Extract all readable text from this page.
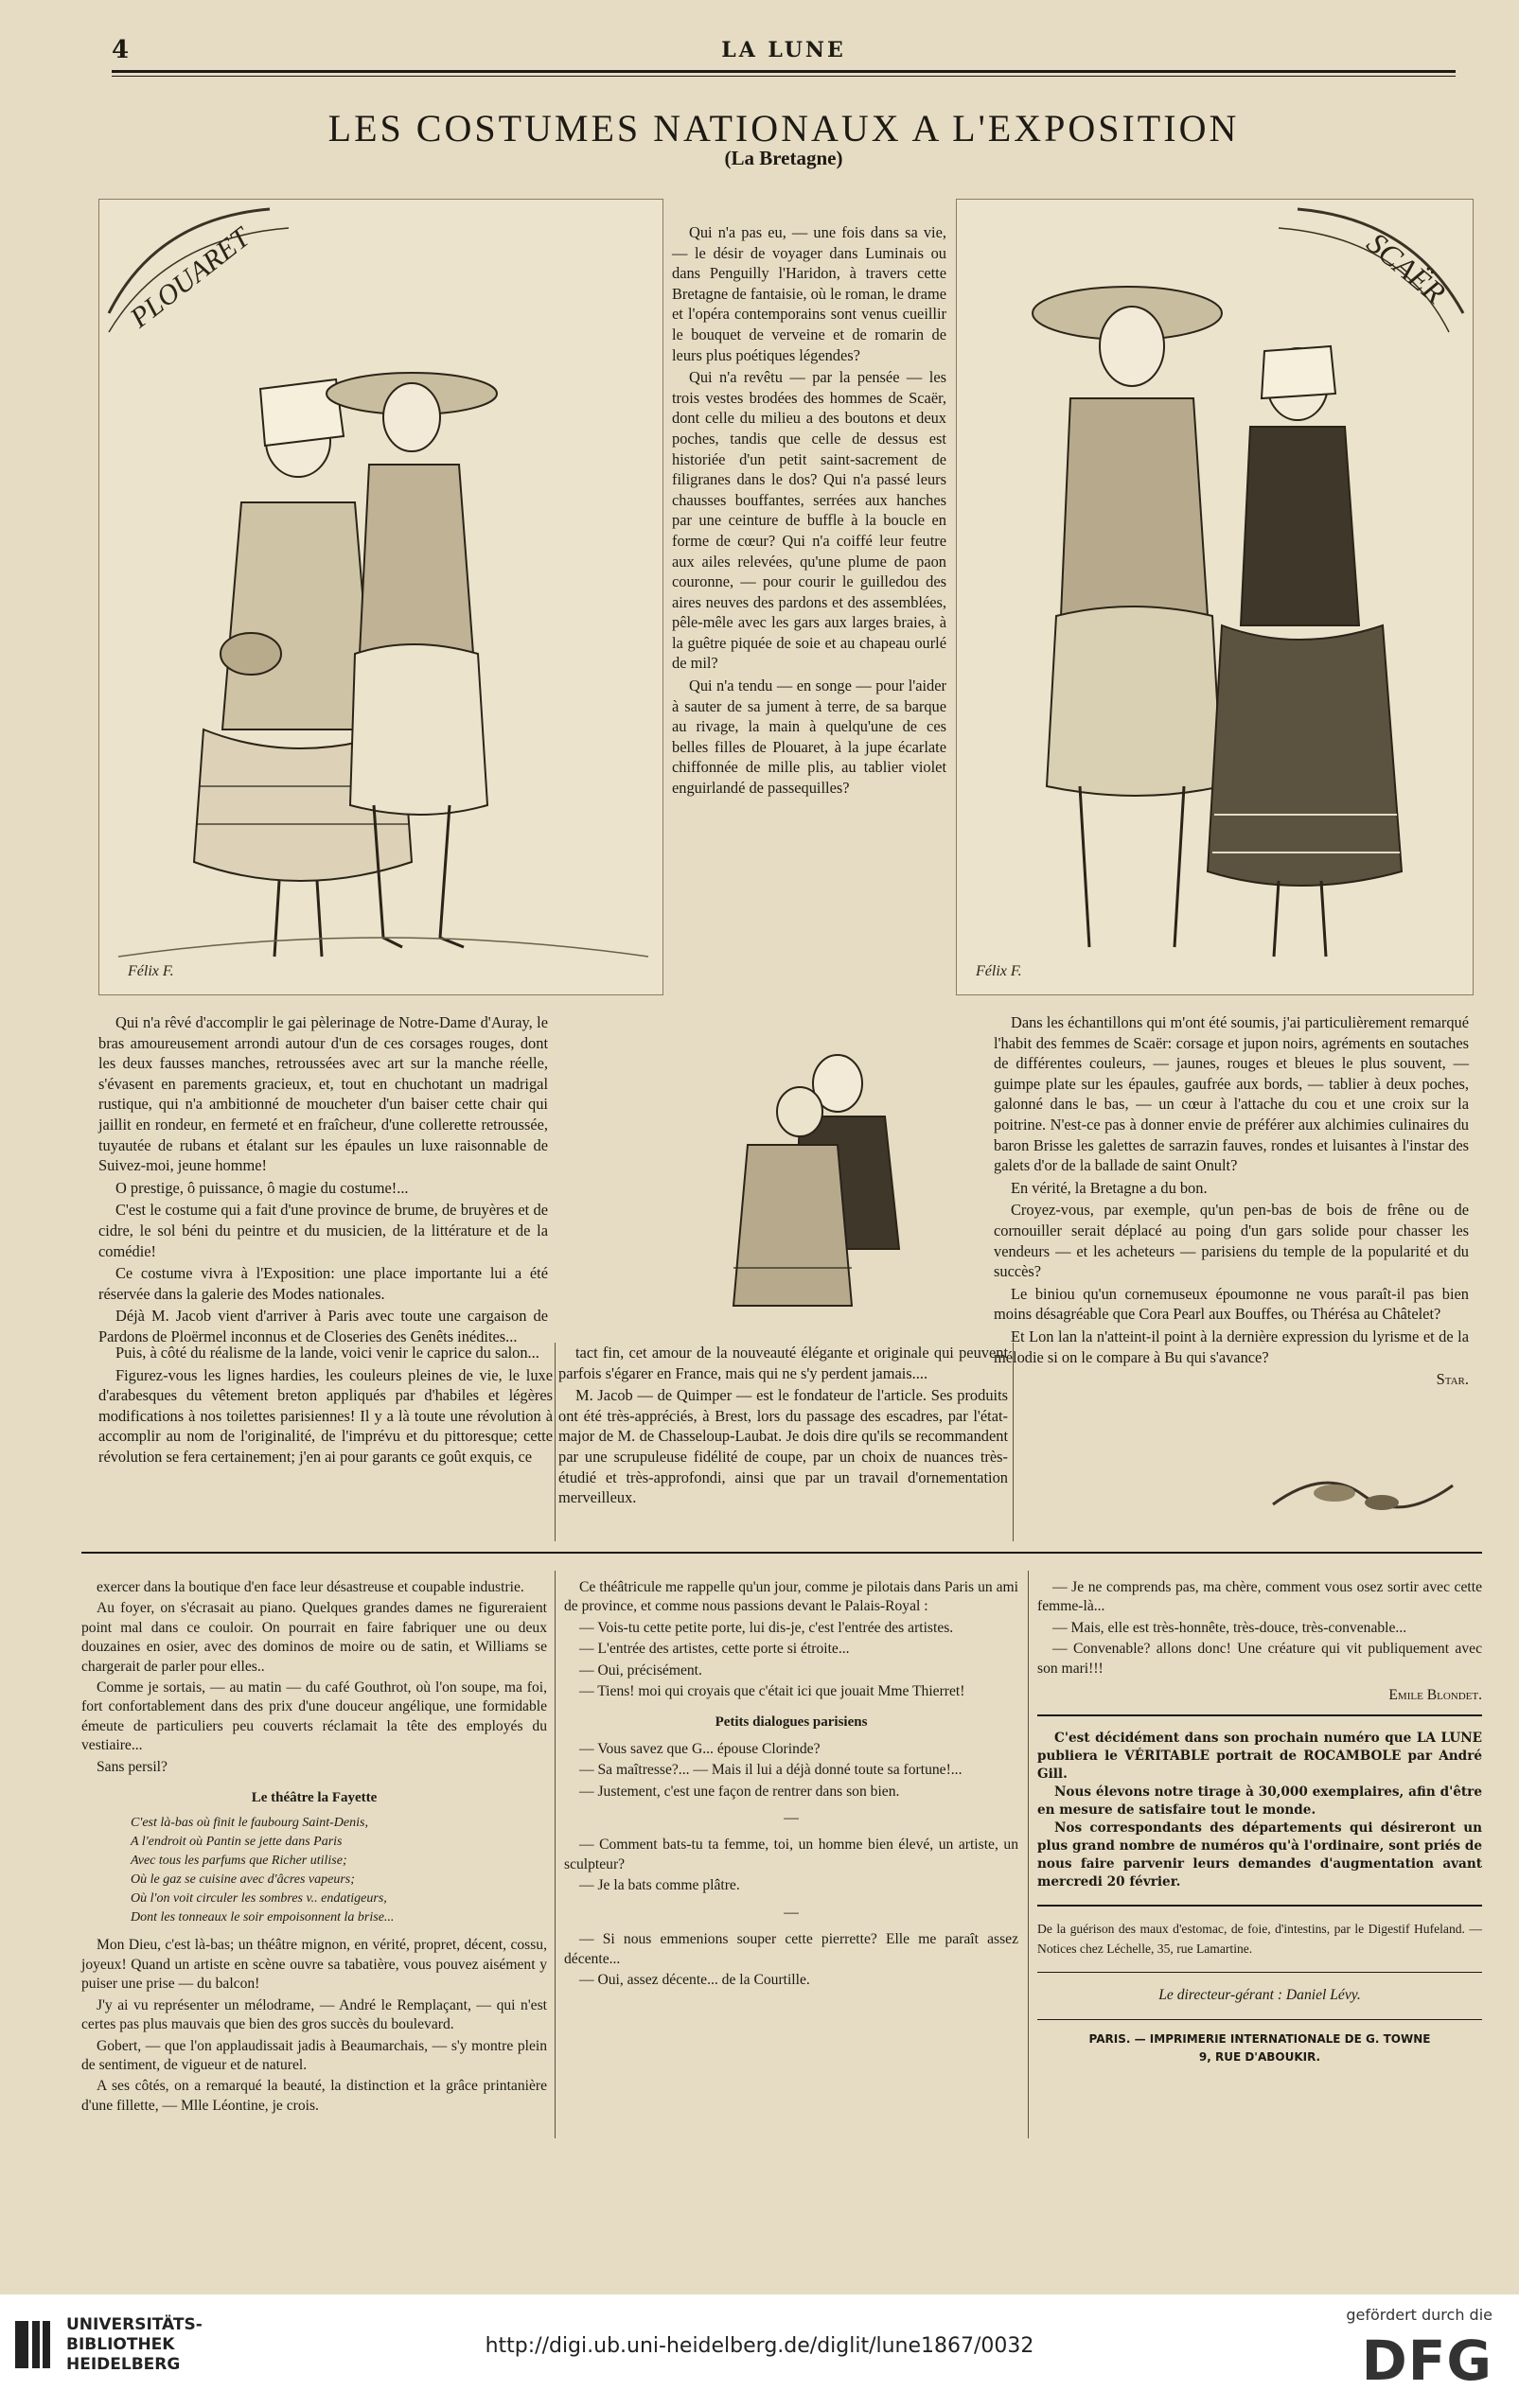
4	LA LUNE
LES COSTUMES NATIONAUX A L'EXPOSITION
(La Bretagne)
PLOUARET
Félix F.
SCAËR
Félix F.

Qui n'a pas eu, — une fois dans sa vie, — le désir de voyager dans Luminais ou dans Penguilly l'Haridon, à travers cette Bretagne de fantaisie, où le roman, le drame et l'opéra contemporains sont venus cueillir le bouquet de verveine et de romarin de leurs plus poétiques légendes?

Qui n'a revêtu — par la pensée — les trois vestes brodées des hommes de Scaër, dont celle du milieu a des boutons et deux poches, tandis que celle de dessus est historiée d'un petit saint-sacrement de filigranes dans le dos? Qui n'a passé leurs chausses bouffantes, serrées aux hanches par une ceinture de buffle à la boucle en forme de cœur? Qui n'a coiffé leur feutre aux ailes relevées, qu'une plume de paon couronne, — pour courir le guilledou des aires neuves des pardons et des assemblées, pêle-mêle avec les gars aux larges braies, à la guêtre piquée de soie et au chapeau ourlé de mil?

Qui n'a tendu — en songe — pour l'aider à sauter de sa jument à terre, de sa barque au rivage, la main à quelqu'une de ces belles filles de Plouaret, à la jupe écarlate chiffonnée de mille plis, au tablier violet enguirlandé de passequilles?

Qui n'a rêvé d'accomplir le gai pèlerinage de Notre-Dame d'Auray, le bras amoureusement arrondi autour d'un de ces corsages rouges, dont les deux fausses manches, retroussées avec art sur la manche réelle, s'évasent en parements gracieux, et, tout en chuchotant un madrigal rustique, qui n'a ambitionné de moucheter d'un baiser cette chair qui jaillit en rondeur, en fermeté et en fraîcheur, d'une collerette retroussée, tuyautée de rubans et étalant sur les épaules un luxe raisonnable de Suivez-moi, jeune homme!

O prestige, ô puissance, ô magie du costume!...

C'est le costume qui a fait d'une province de brume, de bruyères et de cidre, le sol béni du peintre et du musicien, de la littérature et de la comédie!

Ce costume vivra à l'Exposition: une place importante lui a été réservée dans la galerie des Modes nationales.

Déjà M. Jacob vient d'arriver à Paris avec toute une cargaison de Pardons de Ploërmel inconnus et de Closeries des Genêts inédites...

Puis, à côté du réalisme de la lande, voici venir le caprice du salon...

Figurez-vous les lignes hardies, les couleurs pleines de vie, le luxe d'arabesques du vêtement breton appliqués par d'habiles et légères modifications à nos toilettes parisiennes! Il y a là toute une révolution à accomplir au nom de l'originalité, de l'imprévu et du pittoresque; cette révolution se fera certainement; j'en ai pour garants ce goût exquis, ce

tact fin, cet amour de la nouveauté élégante et originale qui peuvent parfois s'égarer en France, mais qui ne s'y perdent jamais....

M. Jacob — de Quimper — est le fondateur de l'article. Ses produits ont été très-appréciés, à Brest, lors du passage des escadres, par l'état-major de M. de Chasseloup-Laubat. Je dois dire qu'ils se recommandent par une scrupuleuse fidélité de coupe, par un choix de nuances très-étudié et très-approfondi, ainsi que par un travail d'ornementation merveilleux.

Dans les échantillons qui m'ont été soumis, j'ai particulièrement remarqué l'habit des femmes de Scaër: corsage et jupon noirs, agréments en soutaches de différentes couleurs, — jaunes, rouges et bleues le plus souvent, — guimpe plate sur les épaules, gaufrée aux bords, — tablier à deux poches, galonné dans le bas, — un cœur à l'attache du cou et une croix sur la poitrine. N'est-ce pas à donner envie de préférer aux alchimies culinaires du baron Brisse les galettes de sarrazin fauves, rondes et luisantes à l'instar des galets d'or de la ballade de saint Onult?

En vérité, la Bretagne a du bon.

Croyez-vous, par exemple, qu'un pen-bas de bois de frêne ou de cornouiller serait déplacé au poing d'un gars solide pour chasser les vendeurs — et les acheteurs — parisiens du temple de la popularité et du succès?

Le biniou qu'un cornemuseux époumonne ne vous paraît-il pas bien moins désagréable que Cora Pearl aux Bouffes, ou Thérésa au Châtelet?

Et Lon lan la n'atteint-il point à la dernière expression du lyrisme et de la mélodie si on le compare à Bu qui s'avance?

Star.

exercer dans la boutique d'en face leur désastreuse et coupable industrie.

Au foyer, on s'écrasait au piano. Quelques grandes dames ne figureraient point mal dans ce couloir. On pourrait en faire fabriquer une ou deux douzaines en osier, avec des dominos de moire ou de satin, et Williams se chargerait de parler pour elles..

Comme je sortais, — au matin — du café Gouthrot, où l'on soupe, ma foi, fort confortablement dans des prix d'une douceur angélique, une formidable émeute de particuliers peu couverts réclamait la tête des employés du vestiaire...

Sans persil?

Le théâtre la Fayette

C'est là-bas où finit le faubourg Saint-Denis,

A l'endroit où Pantin se jette dans Paris

Avec tous les parfums que Richer utilise;

Où le gaz se cuisine avec d'âcres vapeurs;

Où l'on voit circuler les sombres v.. endatigeurs,

Dont les tonneaux le soir empoisonnent la brise...

Mon Dieu, c'est là-bas; un théâtre mignon, en vérité, propret, décent, cossu, joyeux! Quand un artiste en scène ouvre sa tabatière, vous pouvez aisément y puiser une prise — du balcon!

J'y ai vu représenter un mélodrame, — André le Remplaçant, — qui n'est certes pas plus mauvais que bien des gros succès du boulevard.

Gobert, — que l'on applaudissait jadis à Beaumarchais, — s'y montre plein de sentiment, de vigueur et de naturel.

A ses côtés, on a remarqué la beauté, la distinction et la grâce printanière d'une fillette, — Mlle Léontine, je crois.

Ce théâtricule me rappelle qu'un jour, comme je pilotais dans Paris un ami de province, et comme nous passions devant le Palais-Royal :

— Vois-tu cette petite porte, lui dis-je, c'est l'entrée des artistes.

— L'entrée des artistes, cette porte si étroite...

— Oui, précisément.

— Tiens! moi qui croyais que c'était ici que jouait Mme Thierret!

Petits dialogues parisiens

— Vous savez que G... épouse Clorinde?

— Sa maîtresse?... — Mais il lui a déjà donné toute sa fortune!...

— Justement, c'est une façon de rentrer dans son bien.

—

— Comment bats-tu ta femme, toi, un homme bien élevé, un artiste, un sculpteur?

— Je la bats comme plâtre.

—

— Si nous emmenions souper cette pierrette? Elle me paraît assez décente...

— Oui, assez décente... de la Courtille.

— Je ne comprends pas, ma chère, comment vous osez sortir avec cette femme-là...

— Mais, elle est très-honnête, très-douce, très-convenable...

— Convenable? allons donc! Une créature qui vit publiquement avec son mari!!!

Emile Blondet.

C'est décidément dans son prochain numéro que LA LUNE publiera le VÉRITABLE portrait de ROCAMBOLE par André Gill.

Nous élevons notre tirage à 30,000 exemplaires, afin d'être en mesure de satisfaire tout le monde.

Nos correspondants des départements qui désireront un plus grand nombre de numéros qu'à l'ordinaire, sont priés de nous faire parvenir leurs demandes d'augmentation avant mercredi 20 février.

De la guérison des maux d'estomac, de foie, d'intestins, par le Digestif Hufeland. — Notices chez Léchelle, 35, rue Lamartine.

Le directeur-gérant : Daniel Lévy.

PARIS. — IMPRIMERIE INTERNATIONALE DE G. TOWNE

9, RUE D'ABOUKIR.

UNIVERSITÄTS-
BIBLIOTHEK
HEIDELBERG
http://digi.ub.uni-heidelberg.de/diglit/lune1867/0032
gefördert durch die
DFG
